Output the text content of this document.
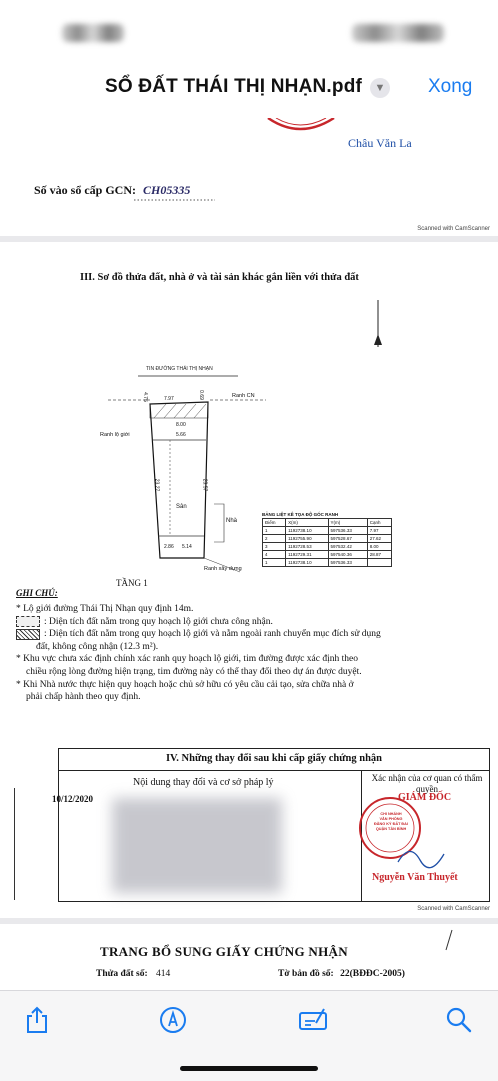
SỔ ĐẤT THÁI THỊ NHẠN.pdf	▼ Xong
Châu Văn La
Số vào sổ cấp GCN: CH05335
Scanned with CamScanner
III. Sơ đồ thửa đất, nhà ở và tài sản khác gắn liền với thửa đất
TIN ĐƯỜNG THÁI THỊ NHẠN
Ranh lộ giới
Ranh CN
Ranh xây dựng
Sân
Nhà
TẦNG 1
7.97
2.86 5.14
8.00
5.66
23.27	23.57
4.75	0.69
BẢNG LIỆT KÊ TỌA ĐỘ GÓC RANH
Điểm	X(m)	Y(m)	Cạnh
1	1192738.10	597536.33	7.97
2	1192755.90	597528.67	27.62
3	1192728.53	597532.42	8.00
4	1192729.31	597540.36	28.87
1	1192738.10	597536.33	
GHI CHÚ:
* Lộ giới đường Thái Thị Nhạn quy định 14m.
: Diện tích đất nằm trong quy hoạch lộ giới chưa công nhận.
: Diện tích đất nằm trong quy hoạch lộ giới và nằm ngoài ranh chuyển mục đích sử dụng
đất, không công nhận (12.3 m²).
* Khu vực chưa xác định chính xác ranh quy hoạch lộ giới, tim đường được xác định theo
chiều rộng lòng đường hiện trạng, tim đường này có thể thay đổi theo dự án được duyệt.
* Khi Nhà nước thực hiện quy hoạch hoặc chủ sở hữu có yêu cầu cải tạo, sửa chữa nhà ở
phải chấp hành theo quy định.
IV. Những thay đổi sau khi cấp giấy chứng nhận
Nội dung thay đổi và cơ sở pháp lý	Xác nhận của cơ quan có thẩm quyền
10/12/2020
CHI NHÁNH
VĂN PHÒNG
ĐĂNG KÝ ĐẤT ĐAI
QUẬN TÂN BÌNH
GIÁM ĐỐC
Nguyễn Văn Thuyết
Scanned with CamScanner
TRANG BỔ SUNG GIẤY CHỨNG NHẬN
Thửa đất số: 414	Tờ bản đồ số: 22(BĐĐC-2005)
